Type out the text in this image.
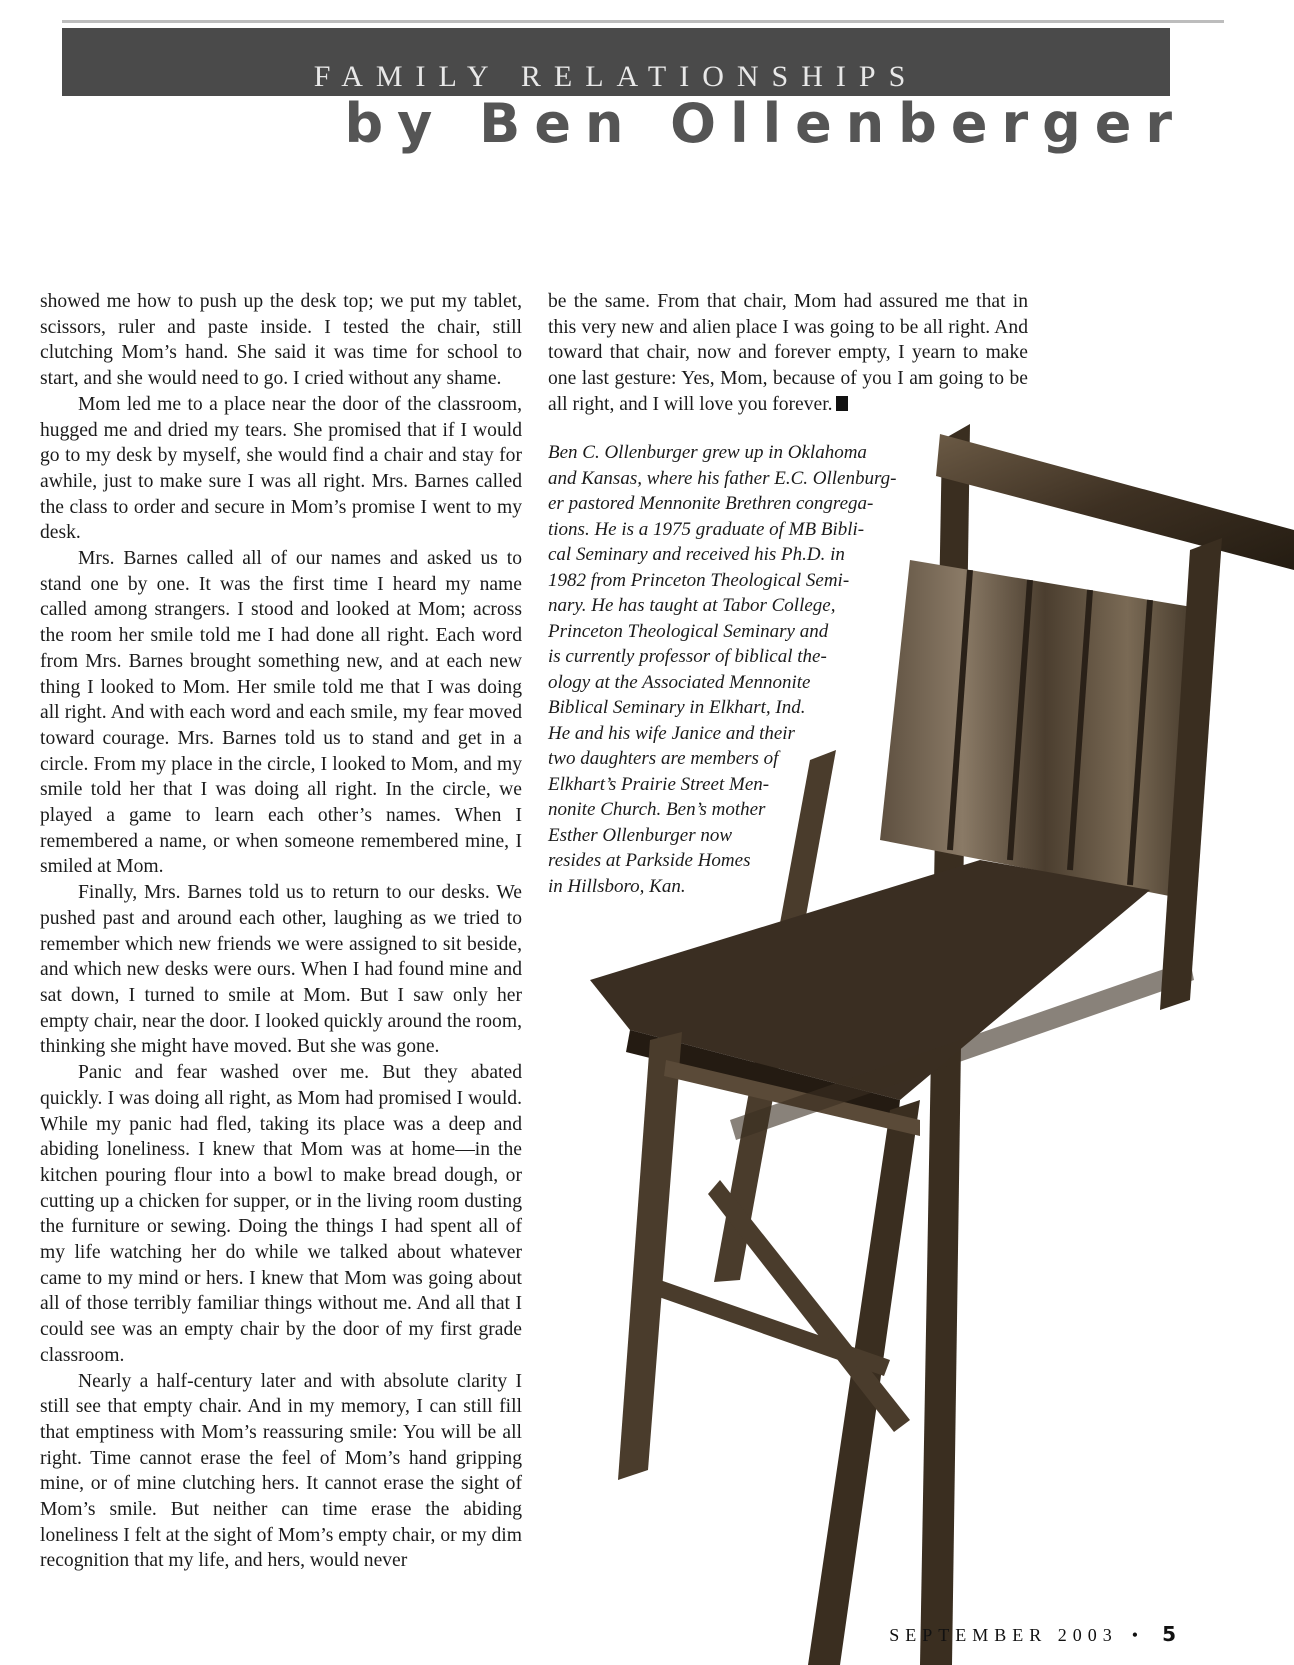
FAMILY RELATIONSHIPS
by Ben Ollenberger

showed me how to push up the desk top; we put my tablet, scissors, ruler and paste inside. I tested the chair, still clutching Mom’s hand. She said it was time for school to start, and she would need to go. I cried without any shame.

Mom led me to a place near the door of the classroom, hugged me and dried my tears. She promised that if I would go to my desk by myself, she would find a chair and stay for awhile, just to make sure I was all right. Mrs. Barnes called the class to order and secure in Mom’s promise I went to my desk.

Mrs. Barnes called all of our names and asked us to stand one by one. It was the first time I heard my name called among strangers. I stood and looked at Mom; across the room her smile told me I had done all right. Each word from Mrs. Barnes brought something new, and at each new thing I looked to Mom. Her smile told me that I was doing all right. And with each word and each smile, my fear moved toward courage. Mrs. Barnes told us to stand and get in a circle. From my place in the circle, I looked to Mom, and my smile told her that I was doing all right. In the circle, we played a game to learn each other’s names. When I remembered a name, or when someone remembered mine, I smiled at Mom.

Finally, Mrs. Barnes told us to return to our desks. We pushed past and around each other, laughing as we tried to remember which new friends we were assigned to sit beside, and which new desks were ours. When I had found mine and sat down, I turned to smile at Mom. But I saw only her empty chair, near the door. I looked quickly around the room, thinking she might have moved. But she was gone.

Panic and fear washed over me. But they abated quickly. I was doing all right, as Mom had promised I would. While my panic had fled, taking its place was a deep and abiding loneliness. I knew that Mom was at home—in the kitchen pouring flour into a bowl to make bread dough, or cutting up a chicken for supper, or in the living room dusting the furniture or sewing. Doing the things I had spent all of my life watching her do while we talked about whatever came to my mind or hers. I knew that Mom was going about all of those terribly familiar things without me. And all that I could see was an empty chair by the door of my first grade classroom.

Nearly a half-century later and with absolute clarity I still see that empty chair. And in my memory, I can still fill that emptiness with Mom’s reassuring smile: You will be all right. Time cannot erase the feel of Mom’s hand gripping mine, or of mine clutching hers. It cannot erase the sight of Mom’s smile. But neither can time erase the abiding loneliness I felt at the sight of Mom’s empty chair, or my dim recognition that my life, and hers, would never

be the same. From that chair, Mom had assured me that in this very new and alien place I was going to be all right. And toward that chair, now and forever empty, I yearn to make one last gesture: Yes, Mom, because of you I am going to be all right, and I will love you forever.

Ben C. Ollenburger grew up in Oklahoma
and Kansas, where his father E.C. Ollenburg-
er pastored Mennonite Brethren congrega-
tions. He is a 1975 graduate of MB Bibli-
cal Seminary and received his Ph.D. in
1982 from Princeton Theological Semi-
nary. He has taught at Tabor College,
Princeton Theological Seminary and
is currently professor of biblical the-
ology at the Associated Mennonite
Biblical Seminary in Elkhart, Ind.
He and his wife Janice and their
two daughters are members of
Elkhart’s Prairie Street Men-
nonite Church. Ben’s mother
Esther Ollenburger now
resides at Parkside Homes
in Hillsboro, Kan.
SEPTEMBER 2003 • 5
